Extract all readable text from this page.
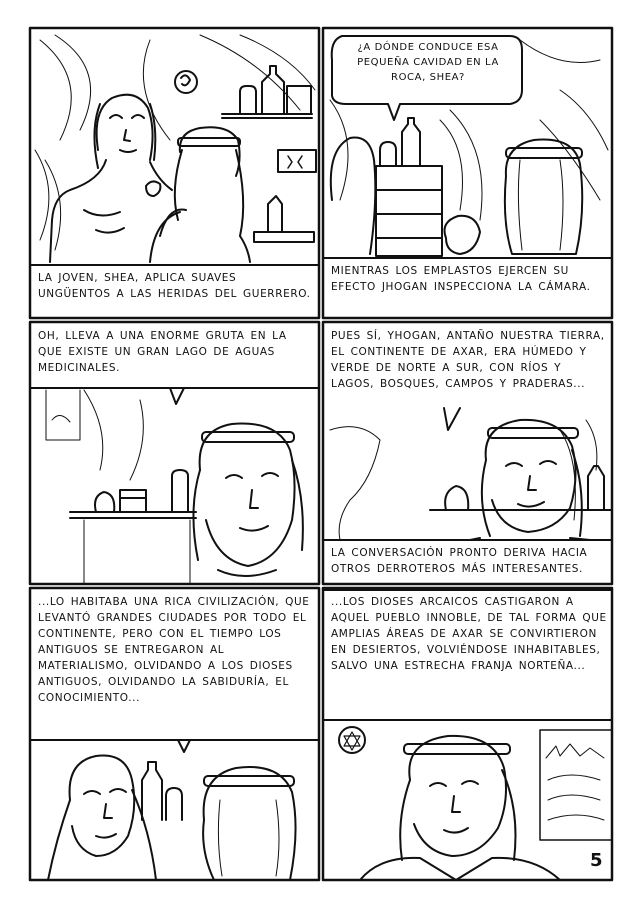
LA JOVEN, SHEA, APLICA SUAVES UNGÜENTOS A LAS HERIDAS DEL GUERRERO.
¿A DÓNDE CONDUCE ESA PEQUEÑA CAVIDAD EN LA ROCA, SHEA?
MIENTRAS LOS EMPLASTOS EJERCEN SU EFECTO JHOGAN INSPECCIONA LA CÁMARA.
OH, LLEVA A UNA ENORME GRUTA EN LA QUE EXISTE UN GRAN LAGO DE AGUAS MEDICINALES.
PUES SÍ, YHOGAN, ANTAÑO NUESTRA TIERRA, EL CONTINENTE DE AXAR, ERA HÚMEDO Y VERDE DE NORTE A SUR, CON RÍOS Y LAGOS, BOSQUES, CAMPOS Y PRADERAS...
LA CONVERSACIÓN PRONTO DERIVA HACIA OTROS DERROTEROS MÁS INTERESANTES.
...LO HABITABA UNA RICA CIVILIZACIÓN, QUE LEVANTÓ GRANDES CIUDADES POR TODO EL CONTINENTE, PERO CON EL TIEMPO LOS ANTIGUOS SE ENTREGARON AL MATERIALISMO, OLVIDANDO A LOS DIOSES ANTIGUOS, OLVIDANDO LA SABIDURÍA, EL CONOCIMIENTO...
...LOS DIOSES ARCAICOS CASTIGARON A AQUEL PUEBLO INNOBLE, DE TAL FORMA QUE AMPLIAS ÁREAS DE AXAR SE CONVIRTIERON EN DESIERTOS, VOLVIÉNDOSE INHABITABLES, SALVO UNA ESTRECHA FRANJA NORTEÑA...
5
